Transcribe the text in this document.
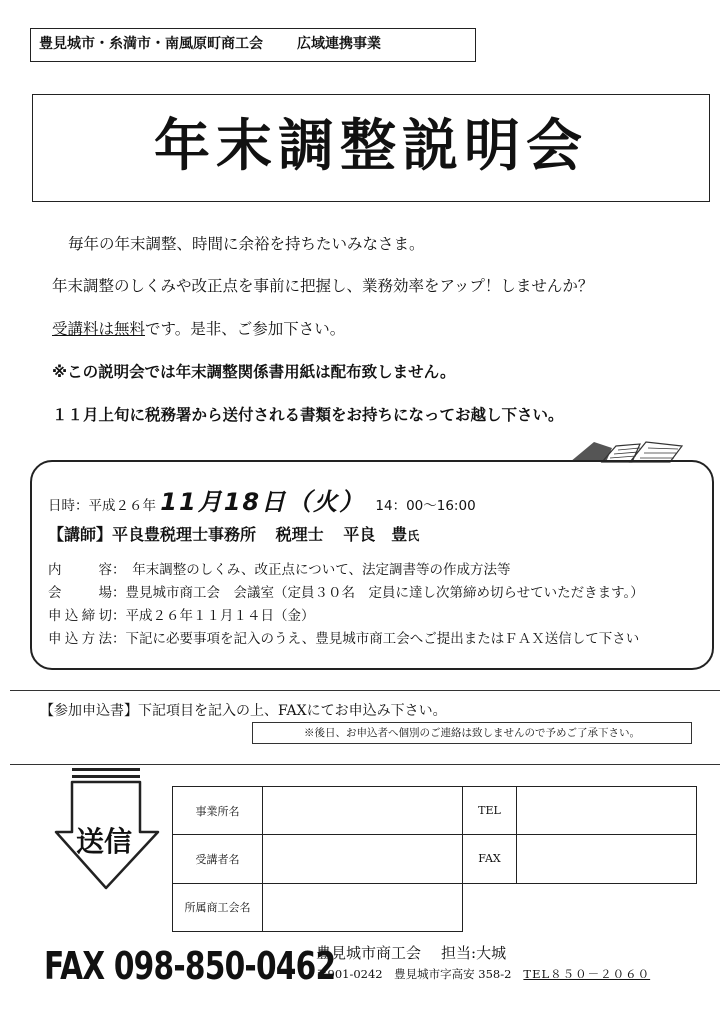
豊見城市・糸満市・南風原町商工会 広域連携事業
年末調整説明会
毎年の年末調整、時間に余裕を持ちたいみなさま。
年末調整のしくみや改正点を事前に把握し、業務効率をアップ！しませんか？
受講料は無料です。是非、ご参加下さい。
※この説明会では年末調整関係書用紙は配布致しません。
１１月上旬に税務署から送付される書類をお持ちになってお越し下さい。
日時：平成２６年 11月18日（火） 14：00～16:00
【講師】平良豊税理士事務所 税理士 平良　豊氏
内容：　年末調整のしくみ、改正点について、法定調書等の作成方法等
会場：豊見城市商工会　会議室（定員３０名　定員に達し次第締め切らせていただきます。）
申込締切：平成２６年１１月１４日（金）
申込方法：下記に必要事項を記入のうえ、豊見城市商工会へご提出またはＦＡＸ送信して下さい
【参加申込書】下記項目を記入の上、FAXにてお申込み下さい。
※後日、お申込者へ個別のご連絡は致しませんので予めご了承下さい。
送信
事業所名		TEL	
受講者名		FAX	
所属商工会名			
FAX 098-850-0462
豊見城市商工会 担当:大城
〒901-0242　豊見城市字高安 358-2 TEL８５０－２０６０
